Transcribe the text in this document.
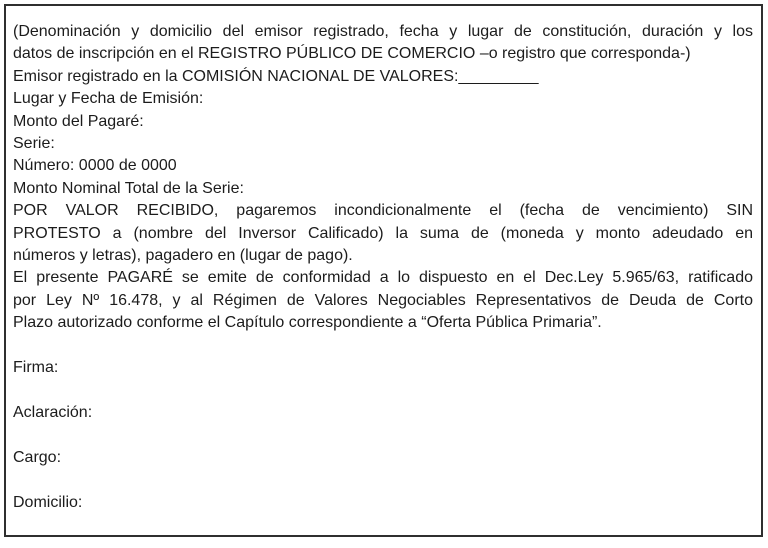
(Denominación y domicilio del emisor registrado, fecha y lugar de constitución, duración y los
datos de inscripción en el REGISTRO PÚBLICO DE COMERCIO –o registro que corresponda-)
Emisor registrado en la COMISIÓN NACIONAL DE VALORES:_________
Lugar y Fecha de Emisión:
Monto del Pagaré:
Serie:
Número: 0000 de 0000
Monto Nominal Total de la Serie:
POR VALOR RECIBIDO, pagaremos incondicionalmente el (fecha de vencimiento) SIN
PROTESTO a (nombre del Inversor Calificado) la suma de (moneda y monto adeudado en
números y letras), pagadero en (lugar de pago).
El presente PAGARÉ se emite de conformidad a lo dispuesto en el Dec.Ley 5.965/63, ratificado
por Ley Nº 16.478, y al Régimen de Valores Negociables Representativos de Deuda de Corto
Plazo autorizado conforme el Capítulo correspondiente a “Oferta Pública Primaria”.

Firma:

Aclaración:

Cargo:

Domicilio:
